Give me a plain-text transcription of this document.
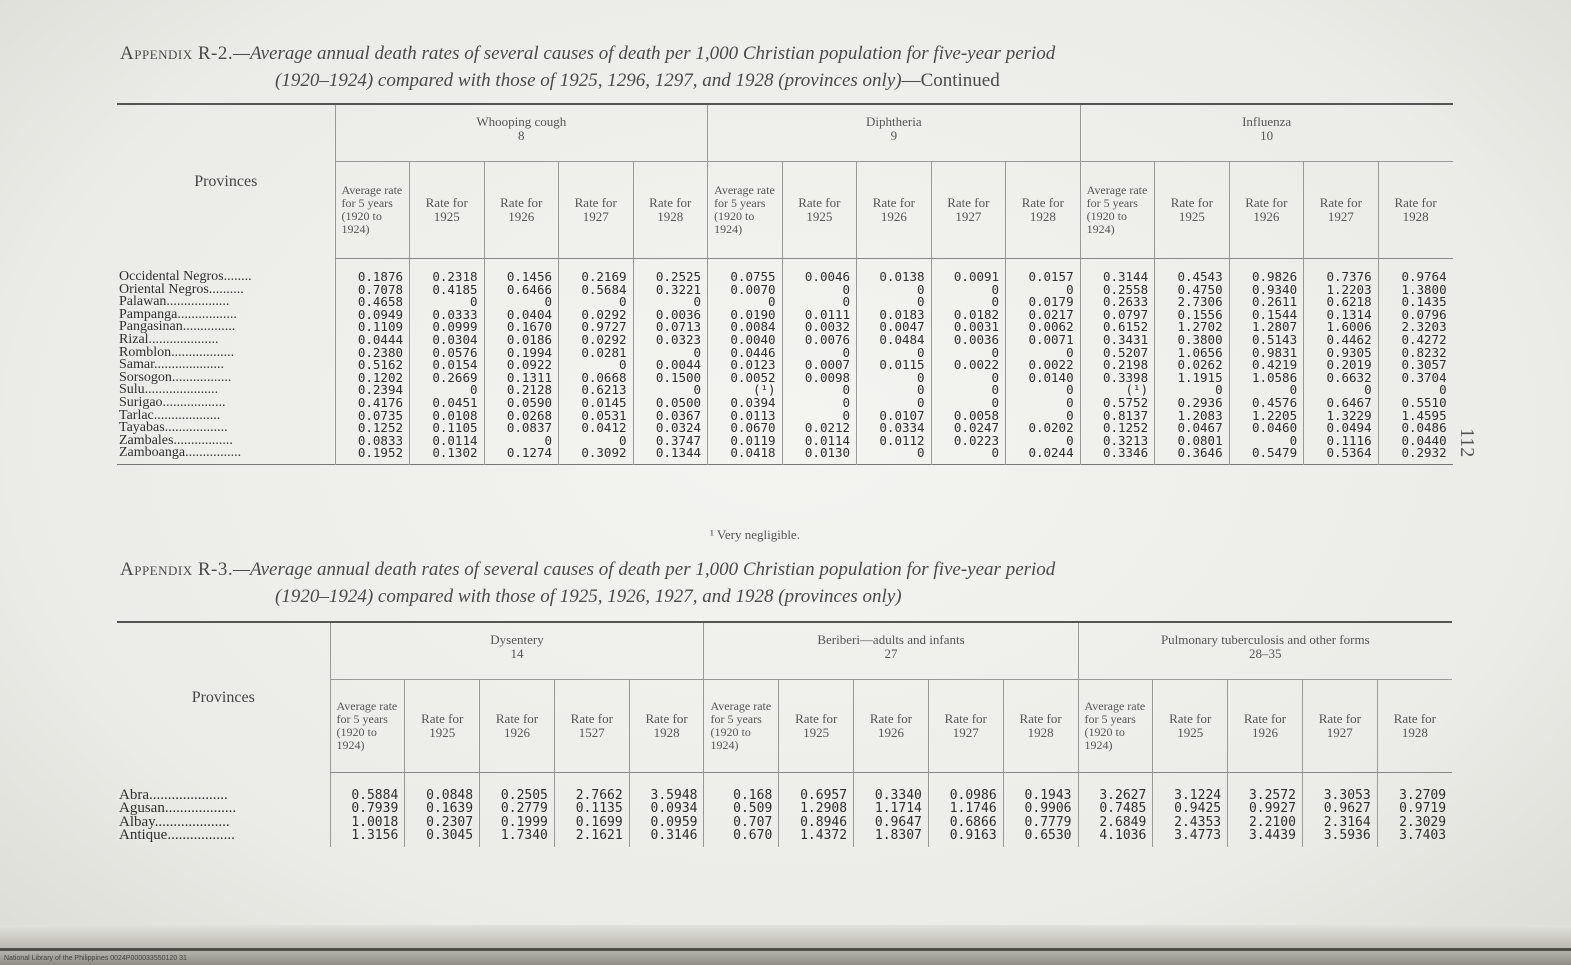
Appendix R-2.—Average annual death rates of several causes of death per 1,000 Christian population for five-year period
(1920–1924) compared with those of 1925, 1296, 1297, and 1928 (provinces only)—Continued
Provinces	Whooping cough
8					Diphtheria
9					Influenza
10				
	Average rate for 5 years (1920 to 1924)	Rate for 1925	Rate for 1926	Rate for 1927	Rate for 1928	Average rate for 5 years (1920 to 1924)	Rate for 1925	Rate for 1926	Rate for 1927	Rate for 1928	Average rate for 5 years (1920 to 1924)	Rate for 1925	Rate for 1926	Rate for 1927	Rate for 1928
Occidental Negros........	0.1876	0.2318	0.1456	0.2169	0.2525	0.0755	0.0046	0.0138	0.0091	0.0157	0.3144	0.4543	0.9826	0.7376	0.9764
Oriental Negros..........	0.7078	0.4185	0.6466	0.5684	0.3221	0.0070	0	0	0	0	0.2558	0.4750	0.9340	1.2203	1.3800
Palawan..................	0.4658	0	0	0	0	0	0	0	0	0.0179	0.2633	2.7306	0.2611	0.6218	0.1435
Pampanga.................	0.0949	0.0333	0.0404	0.0292	0.0036	0.0190	0.0111	0.0183	0.0182	0.0217	0.0797	0.1556	0.1544	0.1314	0.0796
Pangasinan...............	0.1109	0.0999	0.1670	0.9727	0.0713	0.0084	0.0032	0.0047	0.0031	0.0062	0.6152	1.2702	1.2807	1.6006	2.3203
Rizal....................	0.0444	0.0304	0.0186	0.0292	0.0323	0.0040	0.0076	0.0484	0.0036	0.0071	0.3431	0.3800	0.5143	0.4462	0.4272
Romblon..................	0.2380	0.0576	0.1994	0.0281	0	0.0446	0	0	0	0	0.5207	1.0656	0.9831	0.9305	0.8232
Samar....................	0.5162	0.0154	0.0922	0	0.0044	0.0123	0.0007	0.0115	0.0022	0.0022	0.2198	0.0262	0.4219	0.2019	0.3057
Sorsogon.................	0.1202	0.2669	0.1311	0.0668	0.1500	0.0052	0.0098	0	0	0.0140	0.3398	1.1915	1.0586	0.6632	0.3704
Sulu.....................	0.2394	0	0.2128	0.6213	0	(¹)	0	0	0	0	(¹)	0	0	0	0
Surigao..................	0.4176	0.0451	0.0590	0.0145	0.0500	0.0394	0	0	0	0	0.5752	0.2936	0.4576	0.6467	0.5510
Tarlac...................	0.0735	0.0108	0.0268	0.0531	0.0367	0.0113	0	0.0107	0.0058	0	0.8137	1.2083	1.2205	1.3229	1.4595
Tayabas..................	0.1252	0.1105	0.0837	0.0412	0.0324	0.0670	0.0212	0.0334	0.0247	0.0202	0.1252	0.0467	0.0460	0.0494	0.0486
Zambales.................	0.0833	0.0114	0	0	0.3747	0.0119	0.0114	0.0112	0.0223	0	0.3213	0.0801	0	0.1116	0.0440
Zamboanga................	0.1952	0.1302	0.1274	0.3092	0.1344	0.0418	0.0130	0	0	0.0244	0.3346	0.3646	0.5479	0.5364	0.2932
¹ Very negligible.
Appendix R-3.—Average annual death rates of several causes of death per 1,000 Christian population for five-year period
(1920–1924) compared with those of 1925, 1926, 1927, and 1928 (provinces only)
Provinces	Dysentery
14					Beriberi—adults and infants
27					Pulmonary tuberculosis and other forms
28–35				
	Average rate for 5 years (1920 to 1924)	Rate for 1925	Rate for 1926	Rate for 1527	Rate for 1928	Average rate for 5 years (1920 to 1924)	Rate for 1925	Rate for 1926	Rate for 1927	Rate for 1928	Average rate for 5 years (1920 to 1924)	Rate for 1925	Rate for 1926	Rate for 1927	Rate for 1928
Abra.....................	0.5884	0.0848	0.2505	2.7662	3.5948	0.168	0.6957	0.3340	0.0986	0.1943	3.2627	3.1224	3.2572	3.3053	3.2709
Agusan...................	0.7939	0.1639	0.2779	0.1135	0.0934	0.509	1.2908	1.1714	1.1746	0.9906	0.7485	0.9425	0.9927	0.9627	0.9719
Albay....................	1.0018	0.2307	0.1999	0.1699	0.0959	0.707	0.8946	0.9647	0.6866	0.7779	2.6849	2.4353	2.2100	2.3164	2.3029
Antique..................	1.3156	0.3045	1.7340	2.1621	0.3146	0.670	1.4372	1.8307	0.9163	0.6530	4.1036	3.4773	3.4439	3.5936	3.7403
112
National Library of the Philippines 0024P000033550120 31
